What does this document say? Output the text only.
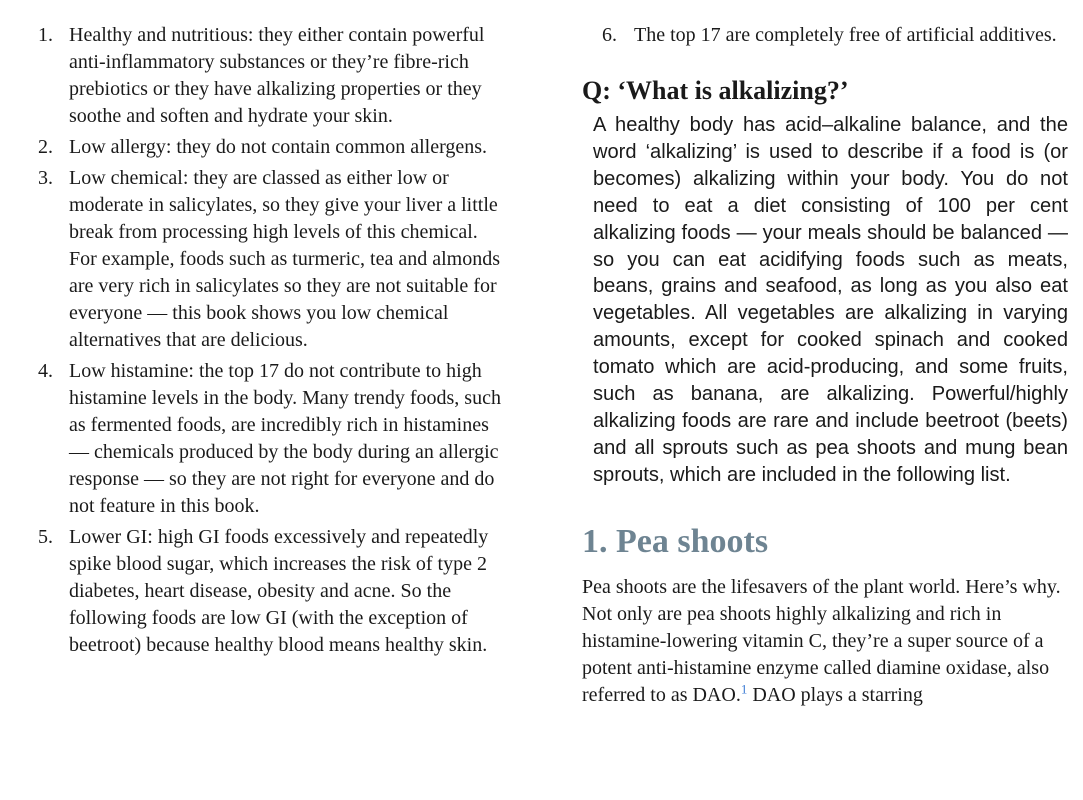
1. Healthy and nutritious: they either contain powerful anti-inflammatory substances or they’re fibre-rich prebiotics or they have alkalizing properties or they soothe and soften and hydrate your skin.
2. Low allergy: they do not contain common allergens.
3. Low chemical: they are classed as either low or moderate in salicylates, so they give your liver a little break from processing high levels of this chemical. For example, foods such as turmeric, tea and almonds are very rich in salicylates so they are not suitable for everyone — this book shows you low chemical alternatives that are delicious.
4. Low histamine: the top 17 do not contribute to high histamine levels in the body. Many trendy foods, such as fermented foods, are incredibly rich in histamines — chemicals produced by the body during an allergic response — so they are not right for everyone and do not feature in this book.
5. Lower GI: high GI foods excessively and repeatedly spike blood sugar, which increases the risk of type 2 diabetes, heart disease, obesity and acne. So the following foods are low GI (with the exception of beetroot) because healthy blood means healthy skin.

6. The top 17 are completely free of artificial additives.

Q: ‘What is alkalizing?’

A healthy body has acid–alkaline balance, and the word ‘alkalizing’ is used to describe if a food is (or becomes) alkalizing within your body. You do not need to eat a diet consisting of 100 per cent alkalizing foods — your meals should be balanced — so you can eat acidifying foods such as meats, beans, grains and seafood, as long as you also eat vegetables. All vegetables are alkalizing in varying amounts, except for cooked spinach and cooked tomato which are acid-producing, and some fruits, such as banana, are alkalizing. Powerful/highly alkalizing foods are rare and include beetroot (beets) and all sprouts such as pea shoots and mung bean sprouts, which are included in the following list.

1. Pea shoots

Pea shoots are the lifesavers of the plant world. Here’s why. Not only are pea shoots highly alkalizing and rich in histamine-lowering vitamin C, they’re a super source of a potent anti-histamine enzyme called diamine oxidase, also referred to as DAO.$^1$ DAO plays a starring
